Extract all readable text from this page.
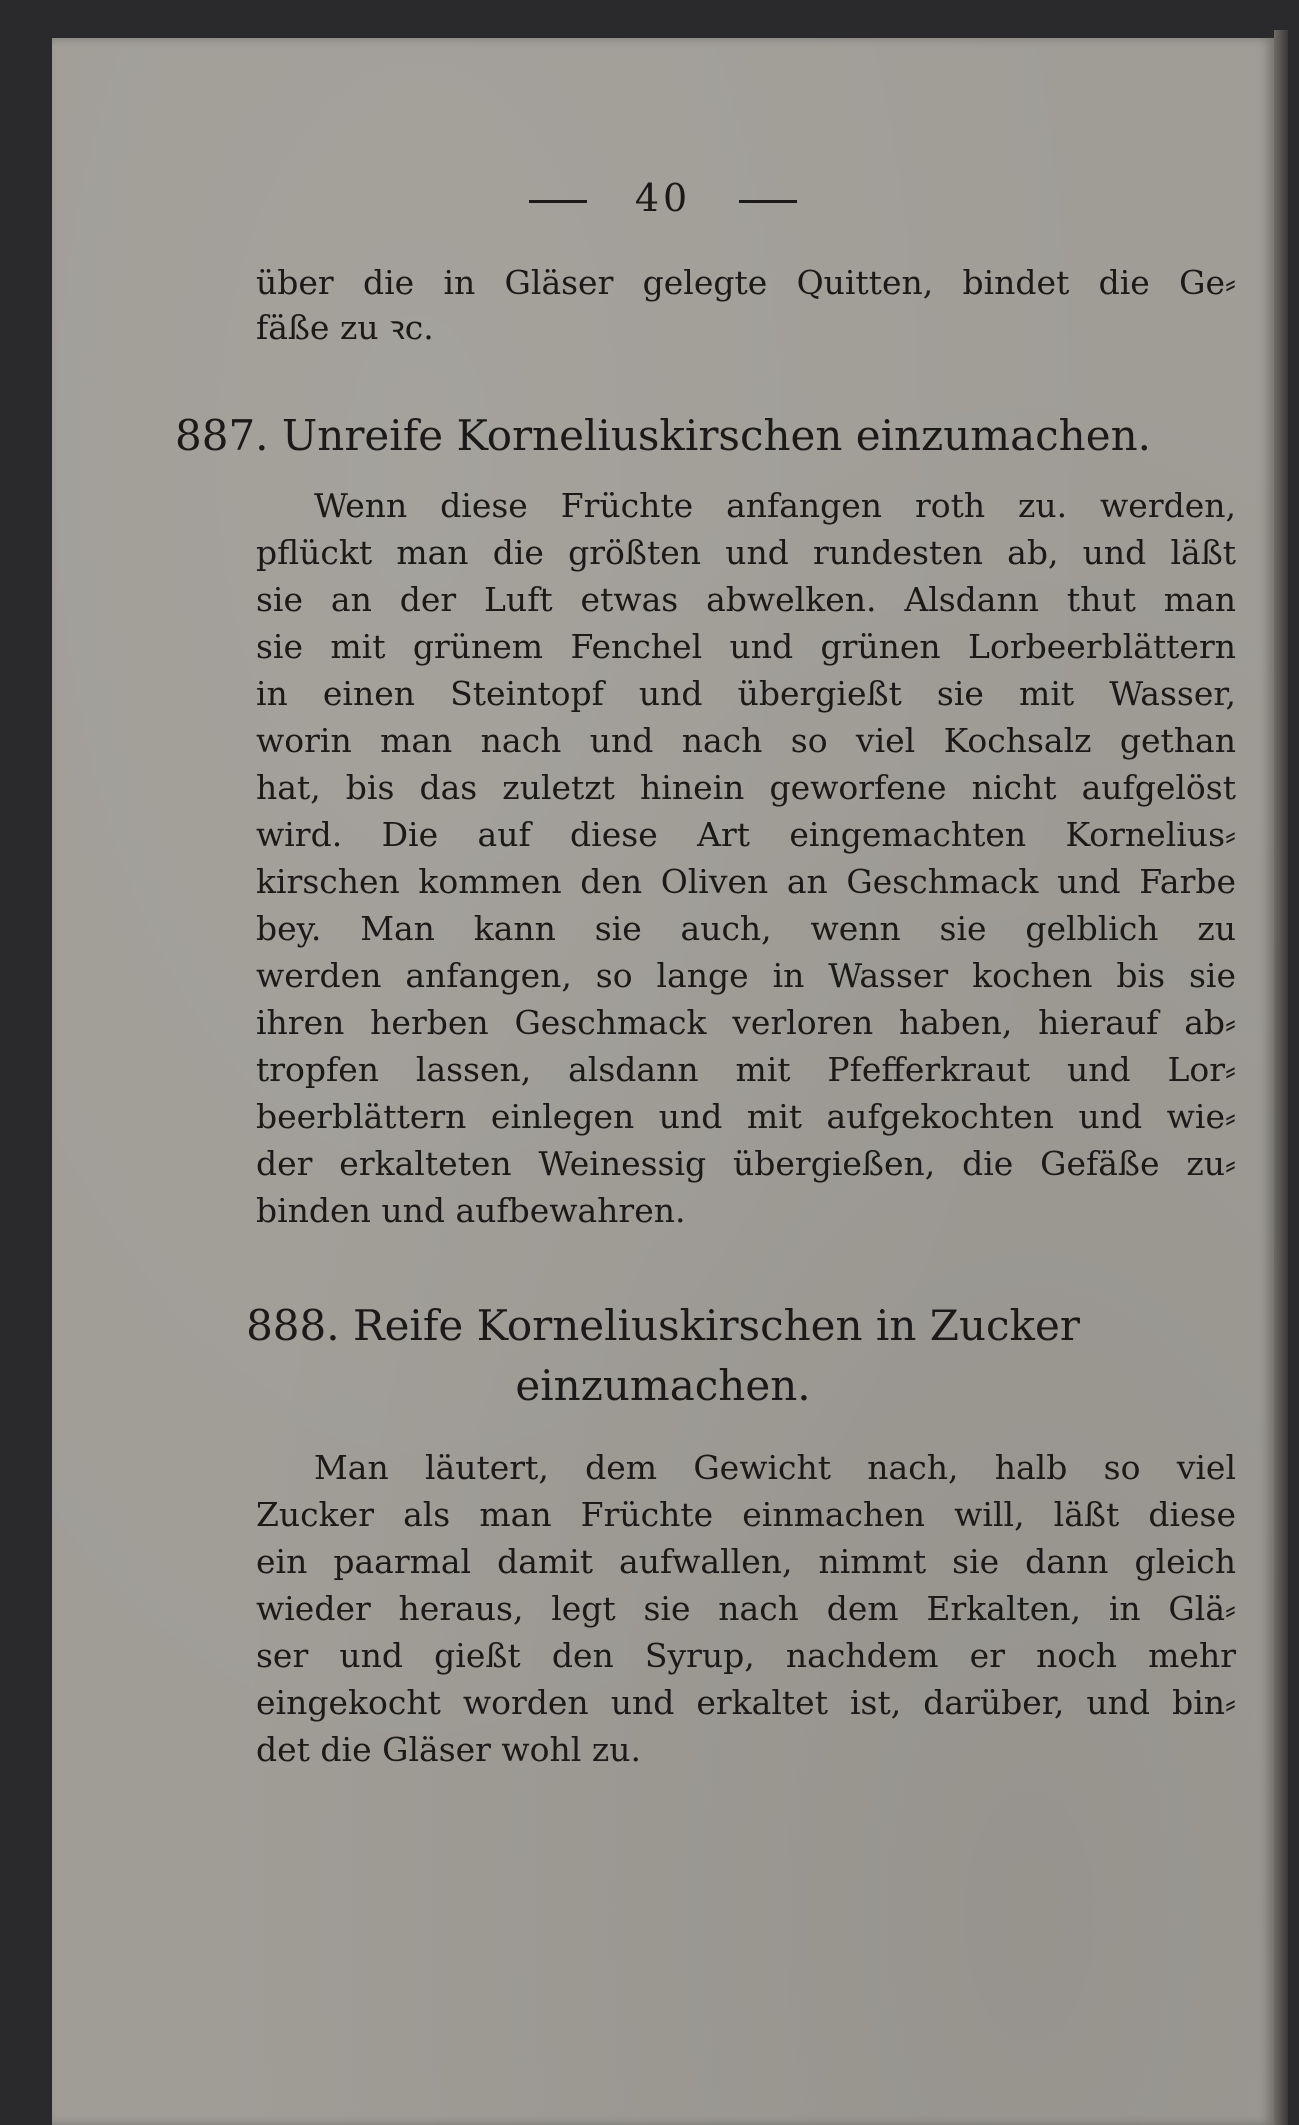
40
über die in Gläser gelegte Quitten, bindet die Ge⸗
fäße zu ꝛc.
887. Unreife Korneliuskirschen einzumachen.
Wenn diese Früchte anfangen roth zu. werden,
pflückt man die größten und rundesten ab, und läßt
sie an der Luft etwas abwelken. Alsdann thut man
sie mit grünem Fenchel und grünen Lorbeerblättern
in einen Steintopf und übergießt sie mit Wasser,
worin man nach und nach so viel Kochsalz gethan
hat, bis das zuletzt hinein geworfene nicht aufgelöst
wird. Die auf diese Art eingemachten Kornelius⸗
kirschen kommen den Oliven an Geschmack und Farbe
bey. Man kann sie auch, wenn sie gelblich zu
werden anfangen, so lange in Wasser kochen bis sie
ihren herben Geschmack verloren haben, hierauf ab⸗
tropfen lassen, alsdann mit Pfefferkraut und Lor⸗
beerblättern einlegen und mit aufgekochten und wie⸗
der erkalteten Weinessig übergießen, die Gefäße zu⸗
binden und aufbewahren.
888. Reife Korneliuskirschen in Zucker
einzumachen.
Man läutert, dem Gewicht nach, halb so viel
Zucker als man Früchte einmachen will, läßt diese
ein paarmal damit aufwallen, nimmt sie dann gleich
wieder heraus, legt sie nach dem Erkalten, in Glä⸗
ser und gießt den Syrup, nachdem er noch mehr
eingekocht worden und erkaltet ist, darüber, und bin⸗
det die Gläser wohl zu.
